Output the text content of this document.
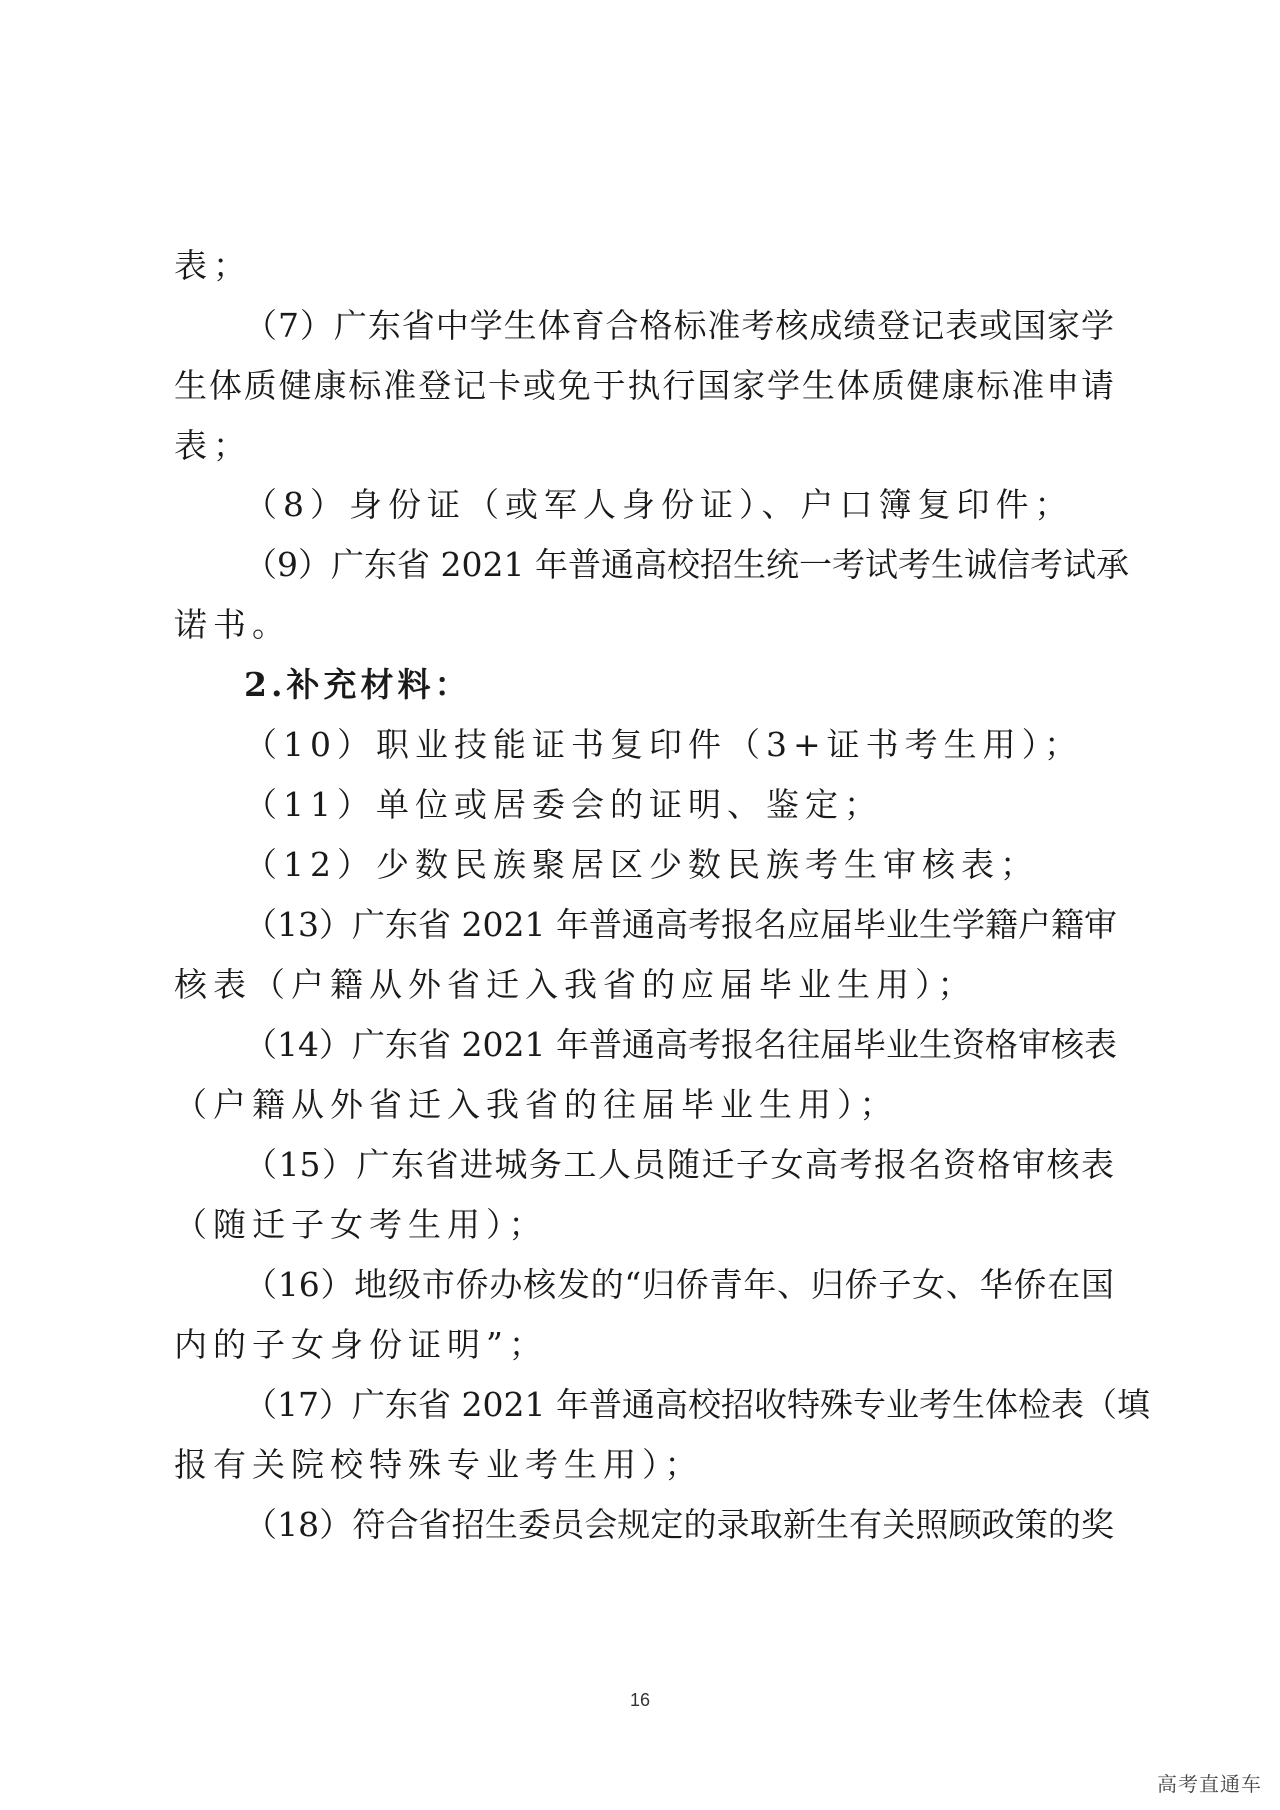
表；
（7）广东省中学生体育合格标准考核成绩登记表或国家学
生体质健康标准登记卡或免于执行国家学生体质健康标准申请
表；
（8）身份证（或军人身份证）、户口簿复印件；
（9）广东省 2021 年普通高校招生统一考试考生诚信考试承
诺书。
2.补充材料：
（10）职业技能证书复印件（3+证书考生用）；
（11）单位或居委会的证明、鉴定；
（12）少数民族聚居区少数民族考生审核表；
（13）广东省 2021 年普通高考报名应届毕业生学籍户籍审
核表（户籍从外省迁入我省的应届毕业生用）；
（14）广东省 2021 年普通高考报名往届毕业生资格审核表
（户籍从外省迁入我省的往届毕业生用）；
（15）广东省进城务工人员随迁子女高考报名资格审核表
（随迁子女考生用）；
（16）地级市侨办核发的“归侨青年、归侨子女、华侨在国
内的子女身份证明”；
（17）广东省 2021 年普通高校招收特殊专业考生体检表（填
报有关院校特殊专业考生用）；
（18）符合省招生委员会规定的录取新生有关照顾政策的奖
16
高考直通车
